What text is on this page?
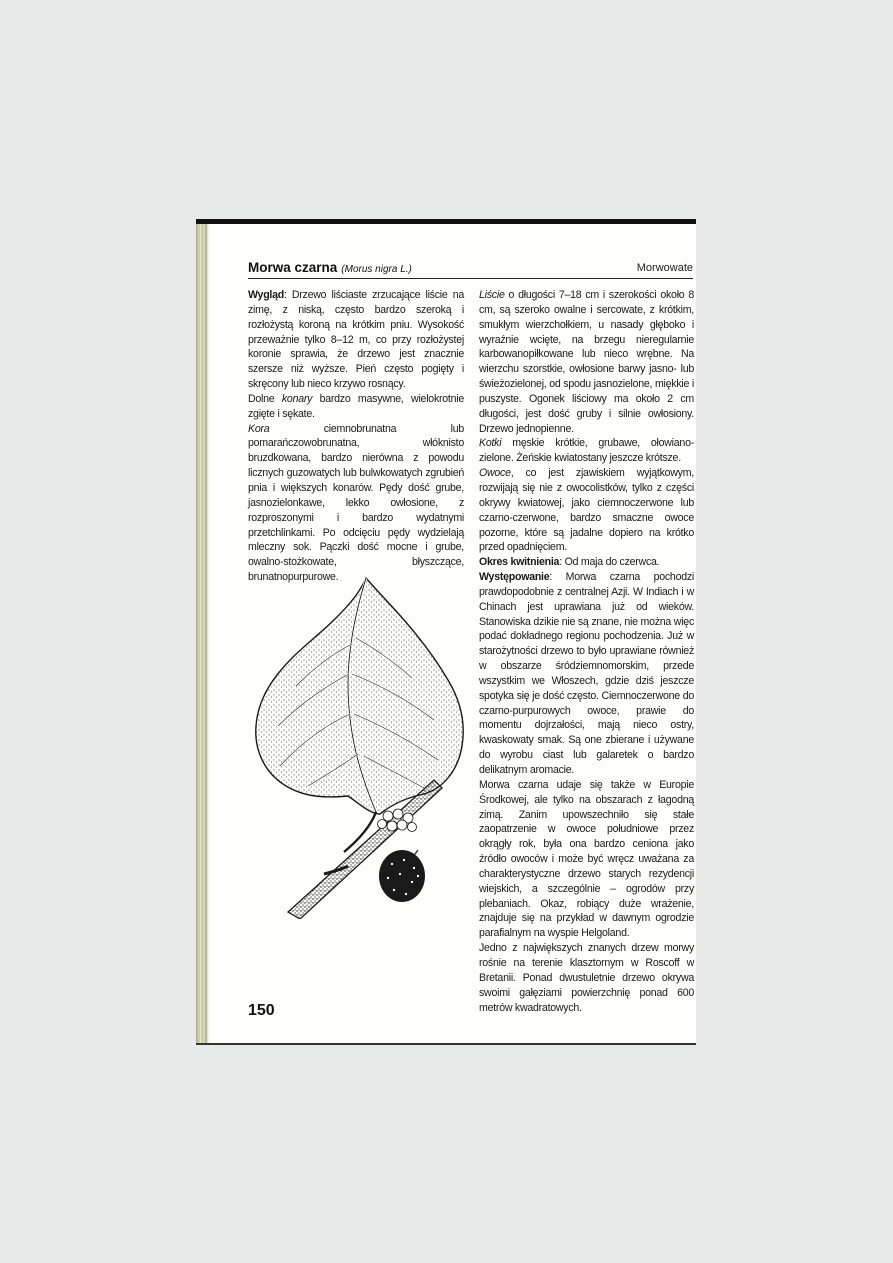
Morwa czarna (Morus nigra L.)	Morwowate

Wygląd: Drzewo liściaste zrzucające liście na zimę, z niską, często bardzo szeroką i rozłożystą koroną na krótkim pniu. Wysokość przeważnie tylko 8–12 m, co przy rozłożystej koronie sprawia, że drzewo jest znacznie szersze niż wyższe. Pień często pogięty i skręcony lub nieco krzywo rosnący.

Dolne konary bardzo masywne, wielokrotnie zgięte i sękate.

Kora ciemnobrunatna lub pomarańczowobrunatna, włóknisto bruzdkowana, bardzo nierówna z powodu licznych guzowatych lub bulwkowatych zgrubień pnia i większych konarów. Pędy dość grube, jasnozielonkawe, lekko owłosione, z rozproszonymi i bardzo wydatnymi przetchlinkami. Po odcięciu pędy wydzielają mleczny sok. Pączki dość mocne i grube, owalno-stożkowate, błyszczące, brunatnopurpurowe.

Liście o długości 7–18 cm i szerokości około 8 cm, są szeroko owalne i sercowate, z krótkim, smukłym wierzchołkiem, u nasady głęboko i wyraźnie wcięte, na brzegu nieregularnie karbowanopiłkowane lub nieco wrębne. Na wierzchu szorstkie, owłosione barwy jasno- lub świeżozielonej, od spodu jasnozielone, miękkie i puszyste. Ogonek liściowy ma około 2 cm długości, jest dość gruby i silnie owłosiony. Drzewo jednopienne.

Kotki męskie krótkie, grubawe, ołowiano-zielone. Żeńskie kwiatostany jeszcze krótsze.

Owoce, co jest zjawiskiem wyjątkowym, rozwijają się nie z owocolistków, tylko z części okrywy kwiatowej, jako ciemnoczerwone lub czarno-czerwone, bardzo smaczne owoce pozorne, które są jadalne dopiero na krótko przed opadnięciem.

Okres kwitnienia: Od maja do czerwca.

Występowanie: Morwa czarna pochodzi prawdopodobnie z centralnej Azji. W Indiach i w Chinach jest uprawiana już od wieków. Stanowiska dzikie nie są znane, nie można więc podać dokładnego regionu pochodzenia. Już w starożytności drzewo to było uprawiane również w obszarze śródziemnomorskim, przede wszystkim we Włoszech, gdzie dziś jeszcze spotyka się je dość często. Ciemnoczerwone do czarno-purpurowych owoce, prawie do momentu dojrzałości, mają nieco ostry, kwaskowaty smak. Są one zbierane i używane do wyrobu ciast lub galaretek o bardzo delikatnym aromacie.

Morwa czarna udaje się także w Europie Środkowej, ale tylko na obszarach z łagodną zimą. Zanim upowszechniło się stałe zaopatrzenie w owoce południowe przez okrągły rok, była ona bardzo ceniona jako źródło owoców i może być wręcz uważana za charakterystyczne drzewo starych rezydencji wiejskich, a szczególnie – ogrodów przy plebaniach. Okaz, robiący duże wrażenie, znajduje się na przykład w dawnym ogrodzie parafialnym na wyspie Helgoland.

Jedno z największych znanych drzew morwy rośnie na terenie klasztornym w Roscoff w Bretanii. Ponad dwustuletnie drzewo okrywa swoimi gałęziami powierzchnię ponad 600 metrów kwadratowych.

150
